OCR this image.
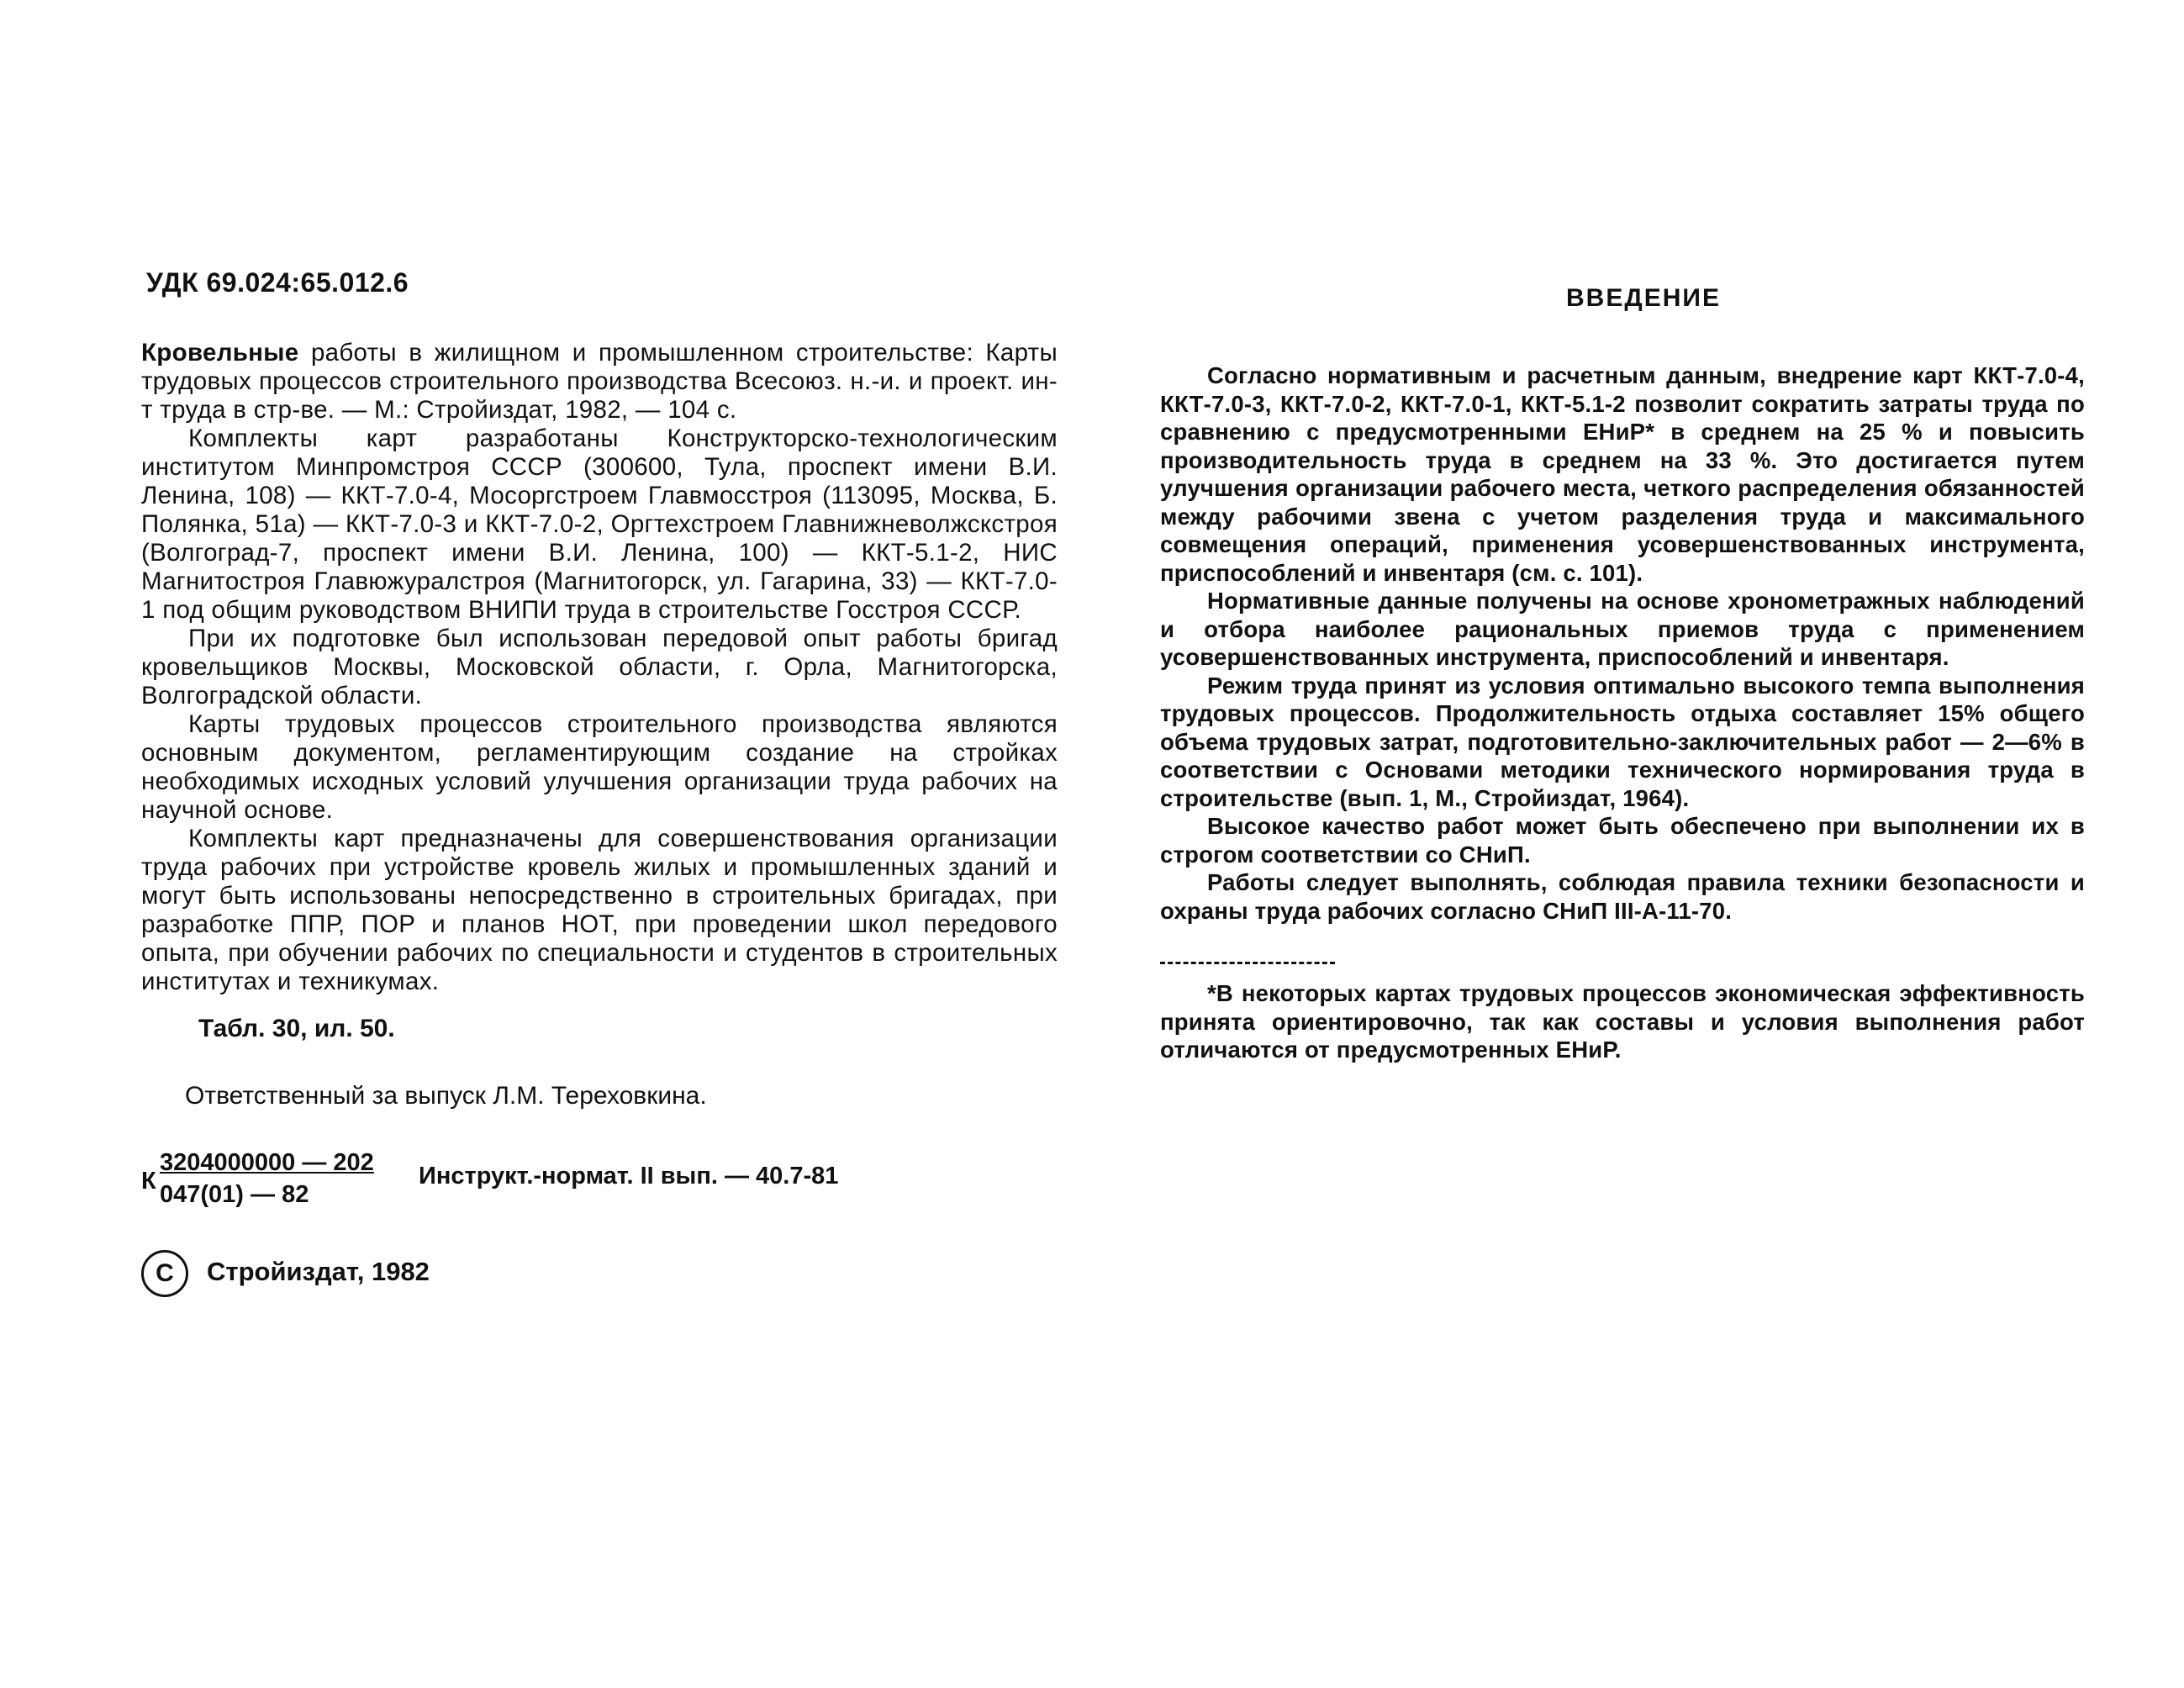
УДК 69.024:65.012.6

Кровельные работы в жилищном и промышленном строительстве: Карты трудовых процессов строительного производства Всесоюз. н.-и. и проект. ин-т труда в стр-ве. — М.: Стройиздат, 1982, — 104 с.

Комплекты карт разработаны Конструкторско-технологическим институтом Минпромстроя СССР (300600, Тула, проспект имени В.И. Ленина, 108) — ККТ-7.0-4, Мосоргстроем Главмосстроя (113095, Москва, Б. Полянка, 51а) — ККТ-7.0-3 и ККТ-7.0-2, Оргтехстроем Главнижневолжскстроя (Волгоград-7, проспект имени В.И. Ленина, 100) — ККТ-5.1-2, НИС Магнитостроя Главюжуралстроя (Магнитогорск, ул. Гагарина, 33) — ККТ-7.0-1 под общим руководством ВНИПИ труда в строительстве Госстроя СССР.

При их подготовке был использован передовой опыт работы бригад кровельщиков Москвы, Московской области, г. Орла, Магнитогорска, Волгоградской области.

Карты трудовых процессов строительного производства являются основным документом, регламентирующим создание на стройках необходимых исходных условий улучшения организации труда рабочих на научной основе.

Комплекты карт предназначены для совершенствования организации труда рабочих при устройстве кровель жилых и промышленных зданий и могут быть использованы непосредственно в строительных бригадах, при разработке ППР, ПОР и планов НОТ, при проведении школ передового опыта, при обучении рабочих по специальности и студентов в строительных институтах и техникумах.

Табл. 30, ил. 50.
Ответственный за выпуск Л.М. Тереховкина.
К
3204000000 — 202
047(01) — 82
Инструкт.-нормат. II вып. — 40.7-81
С	Стройиздат, 1982
ВВЕДЕНИЕ

Согласно нормативным и расчетным данным, внедрение карт ККТ-7.0-4, ККТ-7.0-3, ККТ-7.0-2, ККТ-7.0-1, ККТ-5.1-2 позволит сократить затраты труда по сравнению с предусмотренными ЕНиР* в среднем на 25 % и повысить производительность труда в среднем на 33 %. Это достигается путем улучшения организации рабочего места, четкого распределения обязанностей между рабочими звена с учетом разделения труда и максимального совмещения операций, применения усовершенствованных инструмента, приспособлений и инвентаря (см. с. 101).

Нормативные данные получены на основе хронометражных наблюдений и отбора наиболее рациональных приемов труда с применением усовершенствованных инструмента, приспособлений и инвентаря.

Режим труда принят из условия оптимально высокого темпа выполнения трудовых процессов. Продолжительность отдыха составляет 15% общего объема трудовых затрат, подготовительно-заключительных работ — 2—6% в соответствии с Основами методики технического нормирования труда в строительстве (вып. 1, М., Стройиздат, 1964).

Высокое качество работ может быть обеспечено при выполнении их в строгом соответствии со СНиП.

Работы следует выполнять, соблюдая правила техники безопасности и охраны труда рабочих согласно СНиП III-А-11-70.

*В некоторых картах трудовых процессов экономическая эффективность принята ориентировочно, так как составы и условия выполнения работ отличаются от предусмотренных ЕНиР.
